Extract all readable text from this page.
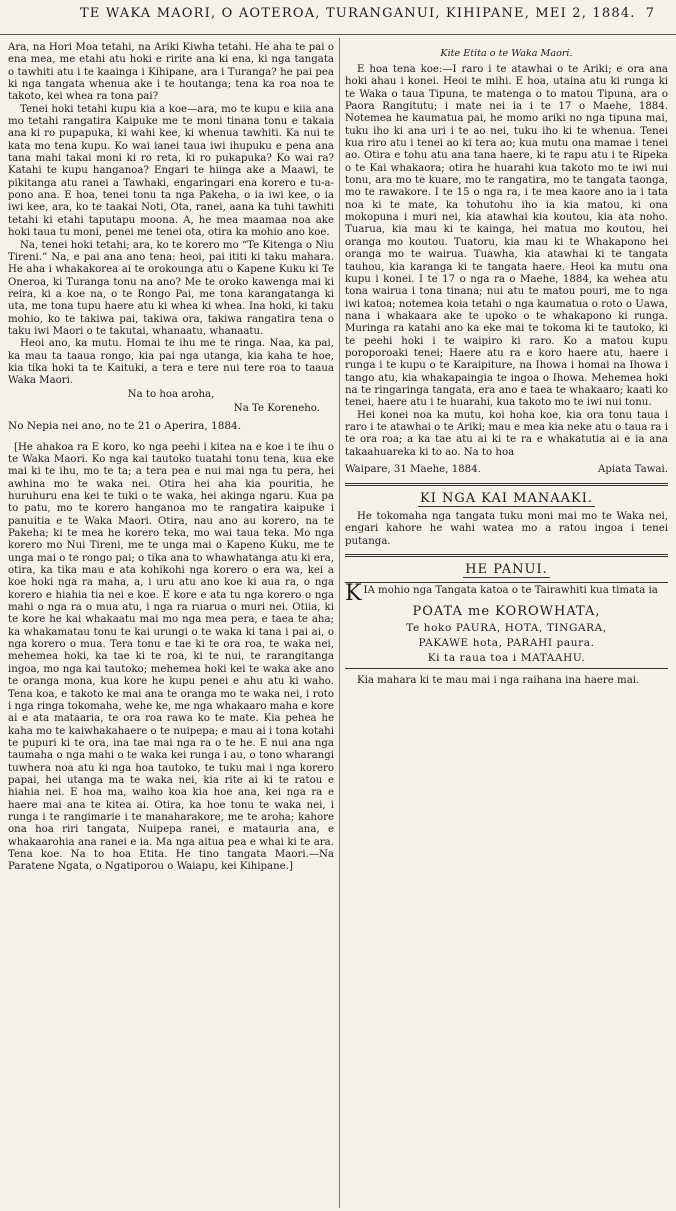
TE WAKA MAORI, O AOTEROA, TURANGANUI, KIHIPANE, MEI 2, 1884. 7

Ara, na Hori Moa tetahi, na Ariki Kiwha tetahi. He aha te pai o ena mea, me etahi atu hoki e ririte ana ki ena, ki nga tangata o tawhiti atu i te kaainga i Kihipane, ara i Turanga? he pai pea ki nga tangata whenua ake i te houtanga; tena ka roa noa te takoto, kei whea ra tona pai?

Tenei hoki tetahi kupu kia a koe—ara, mo te kupu e kiia ana mo tetahi rangatira Kaipuke me te moni tinana tonu e takaia ana ki ro pupapuka, ki wahi kee, ki whenua tawhiti. Ka nui te kata mo tena kupu. Ko wai ianei taua iwi ihupuku e pena ana tana mahi takai moni ki ro reta, ki ro pukapuka? Ko wai ra? Katahi te kupu hanganoa? Engari te hiinga ake a Maawi, te pikitanga atu ranei a Tawhaki, engaringari ena korero e tu-a-pono ana. E hoa, tenei tonu ta nga Pakeha, o ia iwi kee, o ia iwi kee, ara, ko te taakai Noti, Ota, ranei, aana ka tuhi tawhiti tetahi ki etahi taputapu moona. A, he mea maamaa noa ake hoki taua tu moni, penei me tenei ota, otira ka mohio ano koe.

Na, tenei hoki tetahi; ara, ko te korero mo “Te Kitenga o Niu Tireni.” Na, e pai ana ano tena: heoi, pai ititi ki taku mahara. He aha i whakakorea ai te orokounga atu o Kapene Kuku ki Te Oneroa, ki Turanga tonu na ano? Me te oroko kawenga mai ki reira, ki a koe na, o te Rongo Pai, me tona karangatanga ki uta, me tona tupu haere atu ki whea ki whea. Ina hoki, ki taku mohio, ko te takiwa pai, takiwa ora, takiwa rangatira tena o taku iwi Maori o te takutai, whanaatu, whanaatu.

Heoi ano, ka mutu. Homai te ihu me te ringa. Naa, ka pai, ka mau ta taaua rongo, kia pai nga utanga, kia kaha te hoe, kia tika hoki ta te Kaituki, a tera e tere nui tere roa to taaua Waka Maori.

Na to hoa aroha,
Na Te Koreneho.
No Nepia nei ano, no te 21 o Aperira, 1884.

[He ahakoa ra E koro, ko nga peehi i kitea na e koe i te ihu o te Waka Maori. Ko nga kai tautoko tuatahi tonu tena, kua eke mai ki te ihu, mo te ta; a tera pea e nui mai nga tu pera, hei awhina mo te waka nei. Otira hei aha kia pouritia, he huruhuru ena kei te tuki o te waka, hei akinga ngaru. Kua pa to patu, mo te korero hanganoa mo te rangatira kaipuke i panuitia e te Waka Maori. Otira, nau ano au korero, na te Pakeha; ki te mea he korero teka, mo wai taua teka. Mo nga korero mo Nui Tireni, me te unga mai o Kapeno Kuku, me te unga mai o te rongo pai; o tika ana to whawhatanga atu ki era, otira, ka tika mau e ata kohikohi nga korero o era wa, kei a koe hoki nga ra maha, a, i uru atu ano koe ki aua ra, o nga korero e hiahia tia nei e koe. E kore e ata tu nga korero o nga mahi o nga ra o mua atu, i nga ra ruarua o muri nei. Otiia, ki te kore he kai whakaatu mai mo nga mea pera, e taea te aha; ka whakamatau tonu te kai urungi o te waka ki tana i pai ai, o nga korero o mua. Tera tonu e tae ki te ora roa, te waka nei, mehemea hoki, ka tae ki te roa, ki te nui, te rarangitanga ingoa, mo nga kai tautoko; mehemea hoki kei te waka ake ano te oranga mona, kua kore he kupu penei e ahu atu ki waho. Tena koa, e takoto ke mai ana te oranga mo te waka nei, i roto i nga ringa tokomaha, wehe ke, me nga whakaaro maha e kore ai e ata mataaria, te ora roa rawa ko te mate. Kia pehea he kaha mo te kaiwhakahaere o te nuipepa; e mau ai i tona kotahi te pupuri ki te ora, ina tae mai nga ra o te he. E nui ana nga taumaha o nga mahi o te waka kei runga i au, o tono wharangi tuwhera noa atu ki nga hoa tautoko, te tuku mai i nga korero papai, hei utanga ma te waka nei, kia rite ai ki te ratou e hiahia nei. E hoa ma, waiho koa kia hoe ana, kei nga ra e haere mai ana te kitea ai. Otira, ka hoe tonu te waka nei, i runga i te rangimarie i te manaharakore, me te aroha; kahore ona hoa riri tangata, Nuipepa ranei, e matauria ana, e whakaarohia ana ranei e ia. Ma nga aitua pea e whai ki te ara. Tena koe. Na to hoa Etita. He tino tangata Maori.—Na Paratene Ngata, o Ngatiporou o Waiapu, kei Kihipane.]

Kite Etita o te Waka Maori.

E hoa tena koe:—I raro i te atawhai o te Ariki; e ora ana hoki ahau i konei. Heoi te mihi. E hoa, utaina atu ki runga ki te Waka o taua Tipuna, te matenga o to matou Tipuna, ara o Paora Rangitutu; i mate nei ia i te 17 o Maehe, 1884. Notemea he kaumatua pai, he momo ariki no nga tipuna mai, tuku iho ki ana uri i te ao nei, tuku iho ki te whenua. Tenei kua riro atu i tenei ao ki tera ao; kua mutu ona mamae i tenei ao. Otira e tohu atu ana tana haere, ki te rapu atu i te Ripeka o te Kai whakaora; otira he huarahi kua takoto mo te iwi nui tonu, ara mo te kuare, mo te rangatira, mo te tangata taonga, mo te rawakore. I te 15 o nga ra, i te mea kaore ano ia i tata noa ki te mate, ka tohutohu iho ia kia matou, ki ona mokopuna i muri nei, kia atawhai kia koutou, kia ata noho. Tuarua, kia mau ki te kainga, hei matua mo koutou, hei oranga mo koutou. Tuatoru, kia mau ki te Whakapono hei oranga mo te wairua. Tuawha, kia atawhai ki te tangata tauhou, kia karanga ki te tangata haere. Heoi ka mutu ona kupu i konei. I te 17 o nga ra o Maehe, 1884, ka wehea atu tona wairua i tona tinana; nui atu te matou pouri, me to nga iwi katoa; notemea koia tetahi o nga kaumatua o roto o Uawa, nana i whakaara ake te upoko o te whakapono ki runga. Muringa ra katahi ano ka eke mai te tokoma ki te tautoko, ki te peehi hoki i te waipiro ki raro. Ko a matou kupu poroporoaki tenei; Haere atu ra e koro haere atu, haere i runga i te kupu o te Karaipiture, na Ihowa i homai na Ihowa i tango atu, kia whakapaingia te ingoa o Ihowa. Mehemea hoki na te ringaringa tangata, era ano e taea te whakaaro; kaati ko tenei, haere atu i te huarahi, kua takoto mo te iwi nui tonu.

Hei konei noa ka mutu, koi hoha koe, kia ora tonu taua i raro i te atawhai o te Ariki; mau e mea kia neke atu o taua ra i te ora roa; a ka tae atu ai ki te ra e whakatutia ai e ia ana takaahuareka ki to ao. Na to hoa

Waipare, 31 Maehe, 1884.	Apiata Tawai.
KI NGA KAI MANAAKI.

He tokomaha nga tangata tuku moni mai mo te Waka nei, engari kahore he wahi watea mo a ratou ingoa i tenei putanga.

HE PANUI.
K IA mohio nga Tangata katoa o te Tairawhiti kua timata ia
POATA me KOROWHATA,
Te hoko PAURA, HOTA, TINGARA,
PAKAWE hota, PARAHI paura.
Ki ta raua toa i MATAAHU.

Kia mahara ki te mau mai i nga raihana ina haere mai.
